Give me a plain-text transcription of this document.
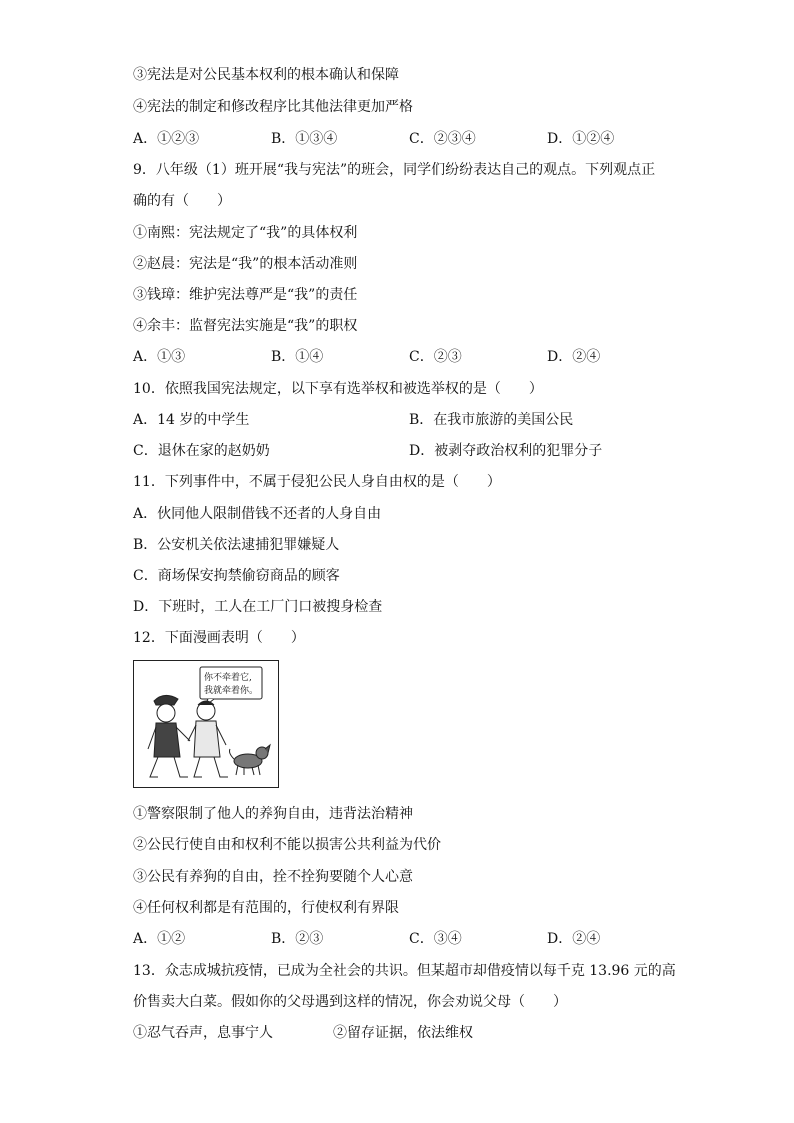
③宪法是对公民基本权利的根本确认和保障
④宪法的制定和修改程序比其他法律更加严格
A．①②③	B．①③④	C．②③④	D．①②④
9．八年级（1）班开展“我与宪法”的班会，同学们纷纷表达自己的观点。下列观点正
确的有（　　）
①南熙：宪法规定了“我”的具体权利
②赵晨：宪法是“我”的根本活动准则
③钱璋：维护宪法尊严是“我”的责任
④余丰：监督宪法实施是“我”的职权
A．①③	B．①④	C．②③	D．②④
10．依照我国宪法规定，以下享有选举权和被选举权的是（　　）
A．14 岁的中学生	B．在我市旅游的美国公民
C．退休在家的赵奶奶	D．被剥夺政治权利的犯罪分子
11．下列事件中，不属于侵犯公民人身自由权的是（　　）
A．伙同他人限制借钱不还者的人身自由
B．公安机关依法逮捕犯罪嫌疑人
C．商场保安拘禁偷窃商品的顾客
D．下班时，工人在工厂门口被搜身检查
12．下面漫画表明（　　）
你不牵着它,
我就牵着你。
①警察限制了他人的养狗自由，违背法治精神
②公民行使自由和权利不能以损害公共利益为代价
③公民有养狗的自由，拴不拴狗要随个人心意
④任何权利都是有范围的，行使权利有界限
A．①②	B．②③	C．③④	D．②④
13．众志成城抗疫情，已成为全社会的共识。但某超市却借疫情以每千克 13.96 元的高
价售卖大白菜。假如你的父母遇到这样的情况，你会劝说父母（　　）
①忍气吞声，息事宁人	②留存证据，依法维权
